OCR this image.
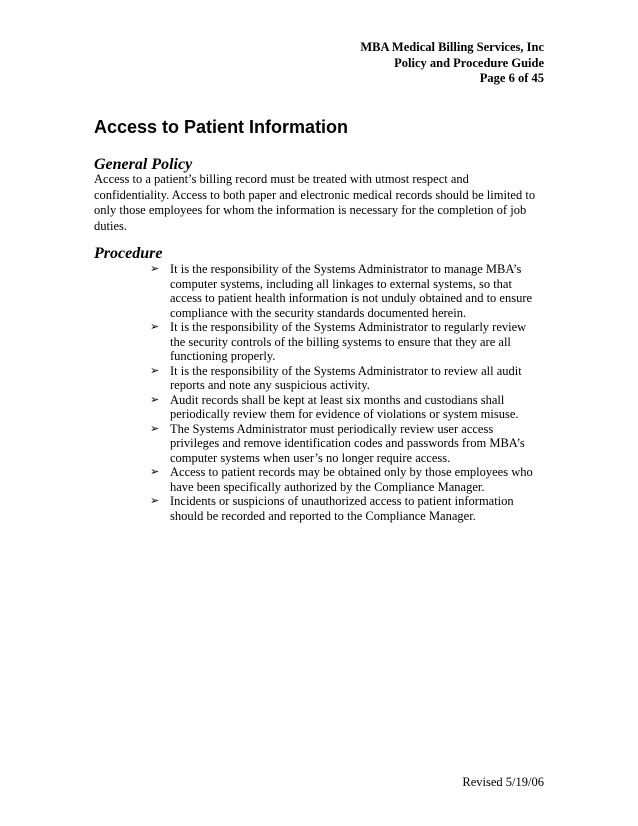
MBA Medical Billing Services, Inc
Policy and Procedure Guide
Page 6 of 45
Access to Patient Information
General Policy

Access to a patient’s billing record must be treated with utmost respect and confidentiality. Access to both paper and electronic medical records should be limited to only those employees for whom the information is necessary for the completion of job duties.

Procedure
➢ It is the responsibility of the Systems Administrator to manage MBA’s computer systems, including all linkages to external systems, so that access to patient health information is not unduly obtained and to ensure compliance with the security standards documented herein.
➢ It is the responsibility of the Systems Administrator to regularly review the security controls of the billing systems to ensure that they are all functioning properly.
➢ It is the responsibility of the Systems Administrator to review all audit reports and note any suspicious activity.
➢ Audit records shall be kept at least six months and custodians shall periodically review them for evidence of violations or system misuse.
➢ The Systems Administrator must periodically review user access privileges and remove identification codes and passwords from MBA’s computer systems when user’s no longer require access.
➢ Access to patient records may be obtained only by those employees who have been specifically authorized by the Compliance Manager.
➢ Incidents or suspicions of unauthorized access to patient information should be recorded and reported to the Compliance Manager.
Revised 5/19/06
